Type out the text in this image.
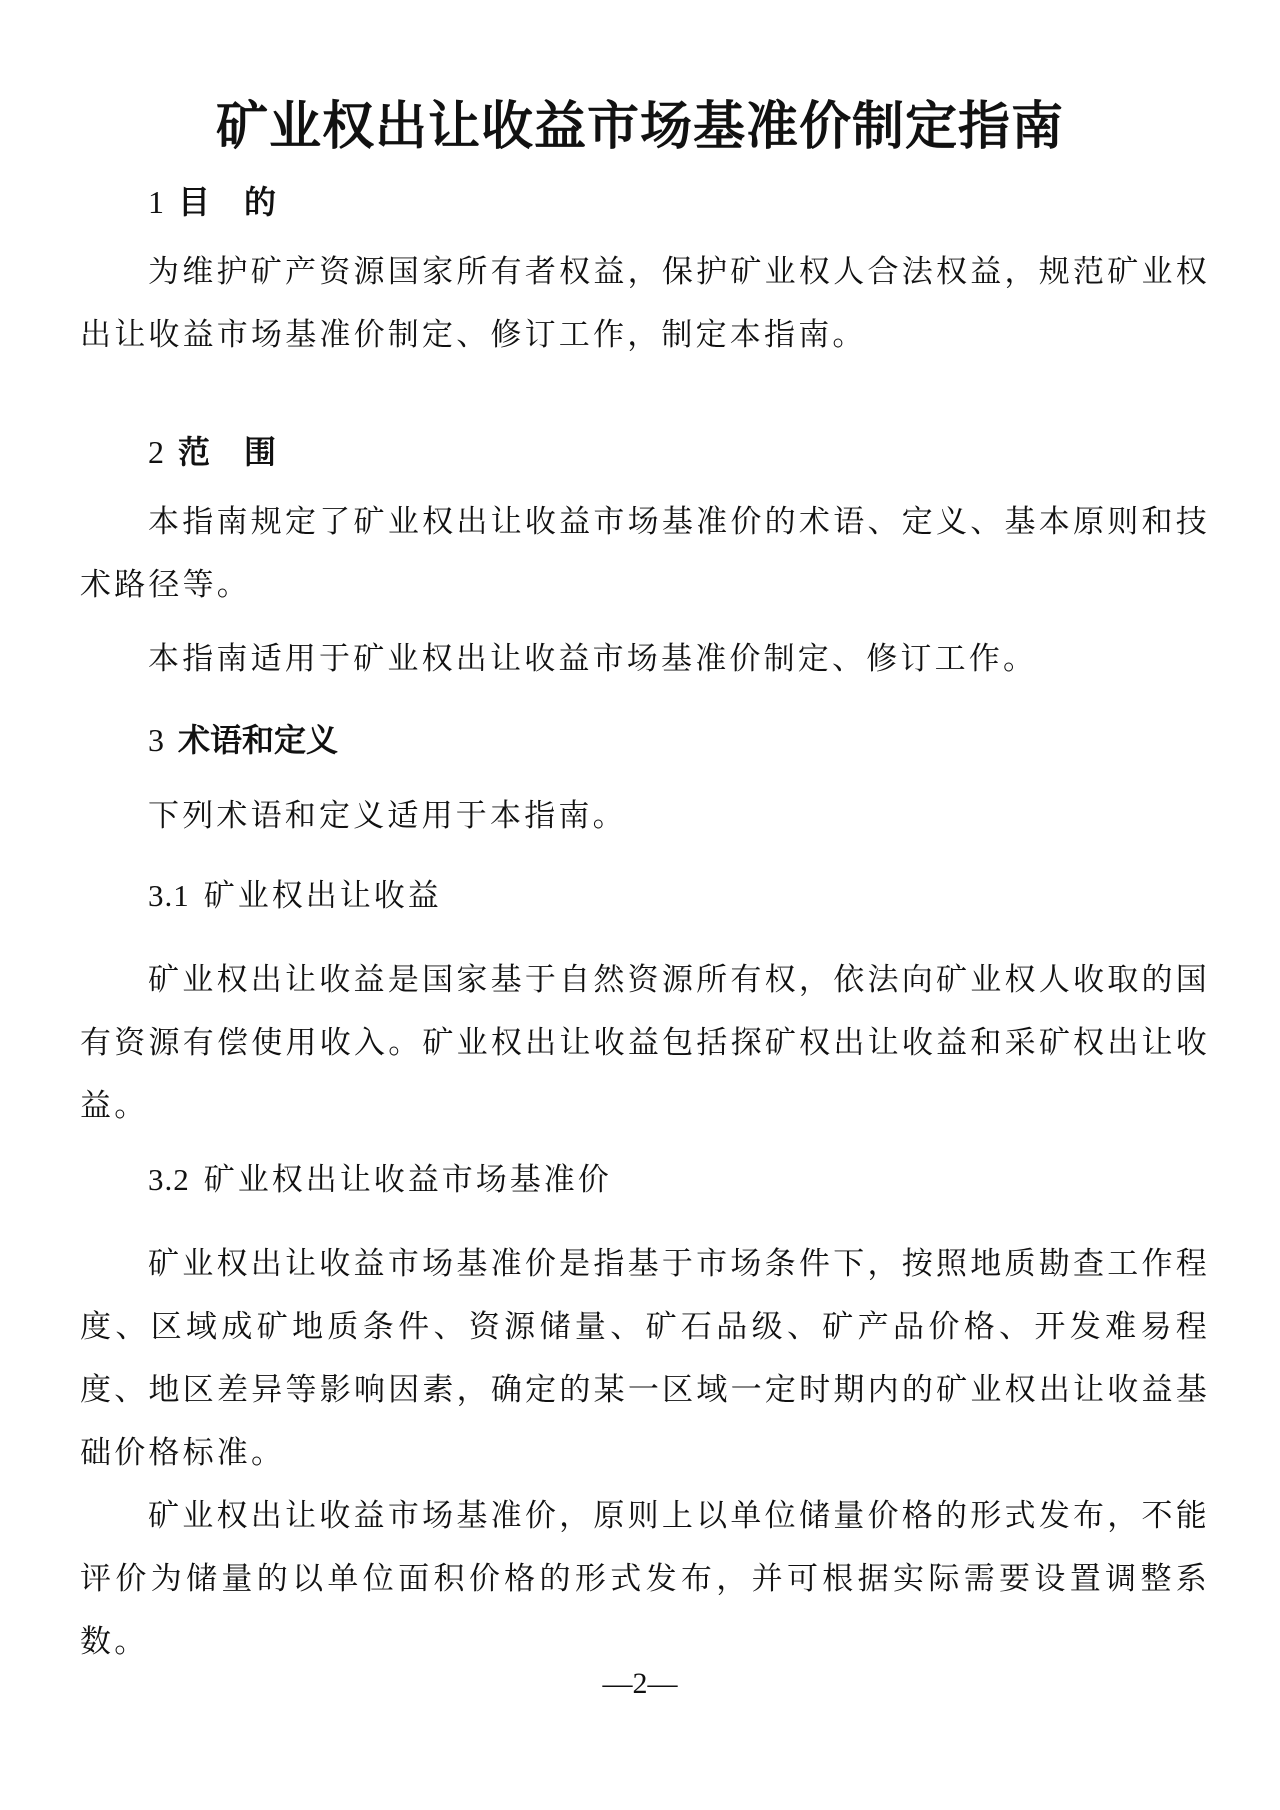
矿业权出让收益市场基准价制定指南
1 目的

为维护矿产资源国家所有者权益，保护矿业权人合法权益，规范矿业权出让收益市场基准价制定、修订工作，制定本指南。

2 范围

本指南规定了矿业权出让收益市场基准价的术语、定义、基本原则和技术路径等。

本指南适用于矿业权出让收益市场基准价制定、修订工作。

3 术语和定义

下列术语和定义适用于本指南。

3.1 矿业权出让收益

矿业权出让收益是国家基于自然资源所有权，依法向矿业权人收取的国有资源有偿使用收入。矿业权出让收益包括探矿权出让收益和采矿权出让收益。

3.2 矿业权出让收益市场基准价

矿业权出让收益市场基准价是指基于市场条件下，按照地质勘查工作程度、区域成矿地质条件、资源储量、矿石品级、矿产品价格、开发难易程度、地区差异等影响因素，确定的某一区域一定时期内的矿业权出让收益基础价格标准。

矿业权出让收益市场基准价，原则上以单位储量价格的形式发布，不能评价为储量的以单位面积价格的形式发布，并可根据实际需要设置调整系数。

—2—
